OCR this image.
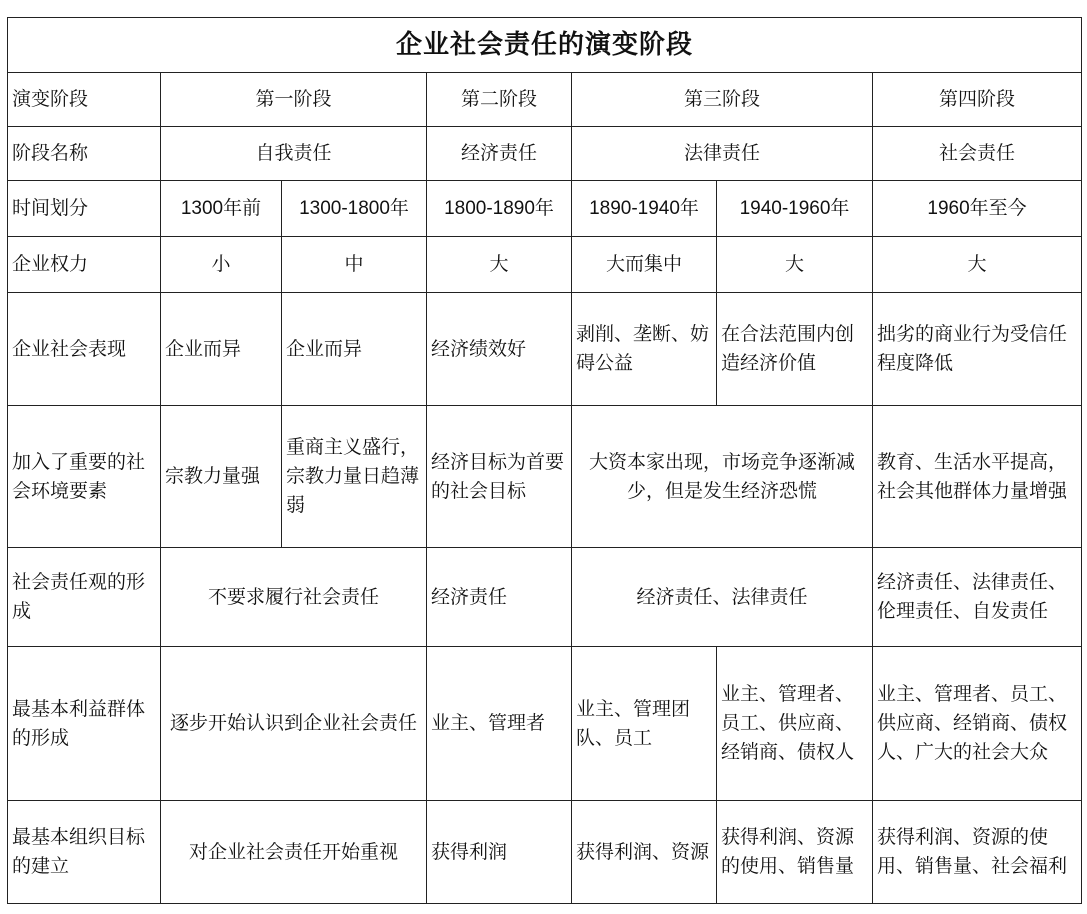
企业社会责任的演变阶段						
演变阶段	第一阶段		第二阶段	第三阶段		第四阶段
阶段名称	自我责任		经济责任	法律责任		社会责任
时间划分	1300年前	1300-1800年	1800-1890年	1890-1940年	1940-1960年	1960年至今
企业权力	小	中	大	大而集中	大	大
企业社会表现	企业而异	企业而异	经济绩效好	剥削、垄断、妨碍公益	在合法范围内创造经济价值	拙劣的商业行为受信任程度降低
加入了重要的社会环境要素	宗教力量强	重商主义盛行，宗教力量日趋薄弱	经济目标为首要的社会目标	大资本家出现，市场竞争逐渐减少，但是发生经济恐慌		教育、生活水平提高，社会其他群体力量增强
社会责任观的形成	不要求履行社会责任		经济责任	经济责任、法律责任		经济责任、法律责任、伦理责任、自发责任
最基本利益群体的形成	逐步开始认识到企业社会责任		业主、管理者	业主、管理团队、员工	业主、管理者、员工、供应商、经销商、债权人	业主、管理者、员工、供应商、经销商、债权人、广大的社会大众
最基本组织目标的建立	对企业社会责任开始重视		获得利润	获得利润、资源	获得利润、资源的使用、销售量	获得利润、资源的使用、销售量、社会福利
